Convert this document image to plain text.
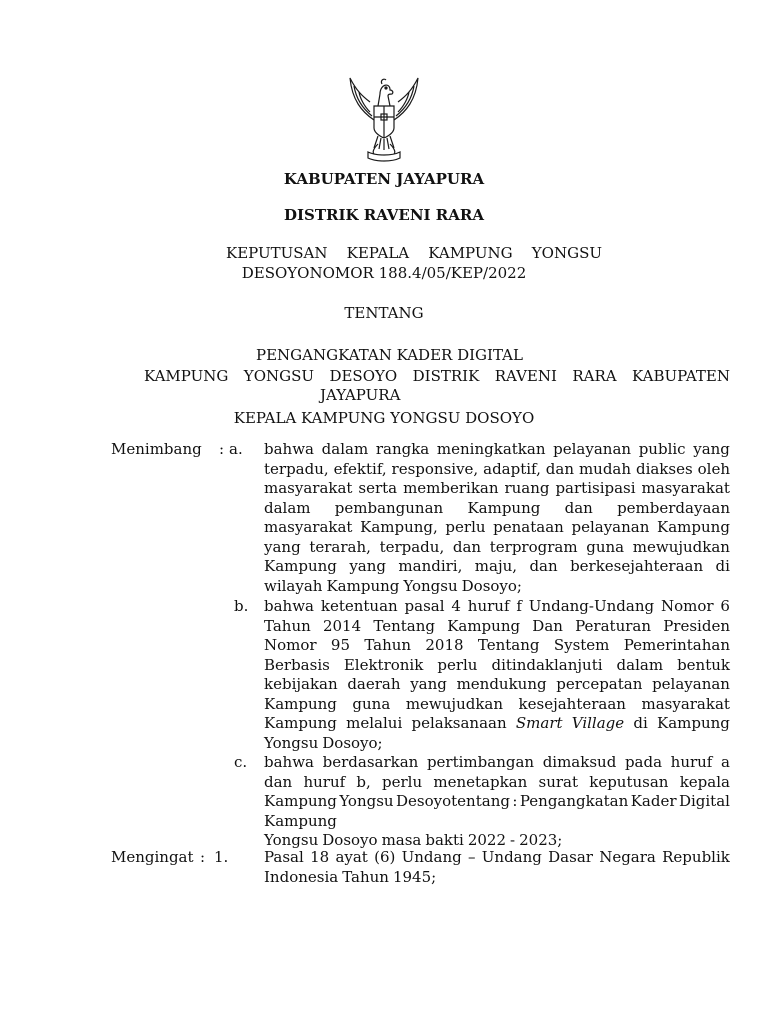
KABUPATEN JAYAPURA
DISTRIK RAVENI RARA
KEPUTUSAN KEPALA KAMPUNG YONGSU
DESOYONOMOR 188.4/05/KEP/2022
TENTANG
PENGANGKATAN KADER DIGITAL
KAMPUNG YONGSU DESOYO DISTRIK RAVENI RARA KABUPATEN
JAYAPURA
KEPALA KAMPUNG YONGSU DOSOYO
Menimbang : a. bahwa dalam rangka meningkatkan pelayanan public yang
terpadu, efektif, responsive, adaptif, dan mudah diakses oleh
masyarakat serta memberikan ruang partisipasi masyarakat
dalam pembangunan Kampung dan pemberdayaan
masyarakat Kampung, perlu penataan pelayanan Kampung
yang terarah, terpadu, dan terprogram guna mewujudkan
Kampung yang mandiri, maju, dan berkesejahteraan di
wilayah Kampung Yongsu Dosoyo;
b. bahwa ketentuan pasal 4 huruf f Undang-Undang Nomor 6
Tahun 2014 Tentang Kampung Dan Peraturan Presiden
Nomor 95 Tahun 2018 Tentang System Pemerintahan
Berbasis Elektronik perlu ditindaklanjuti dalam bentuk
kebijakan daerah yang mendukung percepatan pelayanan
Kampung guna mewujudkan kesejahteraan masyarakat
Kampung melalui pelaksanaan Smart Village di Kampung
Yongsu Dosoyo;
c. bahwa berdasarkan pertimbangan dimaksud pada huruf a
dan huruf b, perlu menetapkan surat keputusan kepala
Kampung Yongsu Desoyotentang : Pengangkatan Kader Digital
Kampung
Yongsu Dosoyo masa bakti 2022 - 2023;
Mengingat : 1. Pasal 18 ayat (6) Undang – Undang Dasar Negara Republik
Indonesia Tahun 1945;
